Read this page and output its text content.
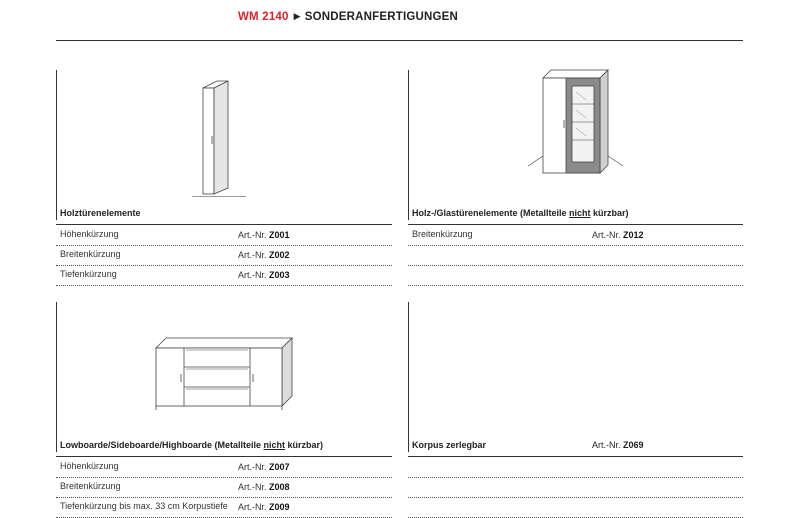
WM 2140 ▶ SONDERANFERTIGUNGEN
Holztürenelemente
Höhenkürzung	Art.-Nr. Z001
Breitenkürzung	Art.-Nr. Z002
Tiefenkürzung	Art.-Nr. Z003
Holz-/Glastürenelemente (Metallteile nicht kürzbar)
Breitenkürzung	Art.-Nr. Z012
Lowboarde/Sideboarde/Highboarde (Metallteile nicht kürzbar)
Höhenkürzung	Art.-Nr. Z007
Breitenkürzung	Art.-Nr. Z008
Tiefenkürzung bis max. 33 cm Korpustiefe Art.-Nr. Z009
Korpus zerlegbar	Art.-Nr. Z069
